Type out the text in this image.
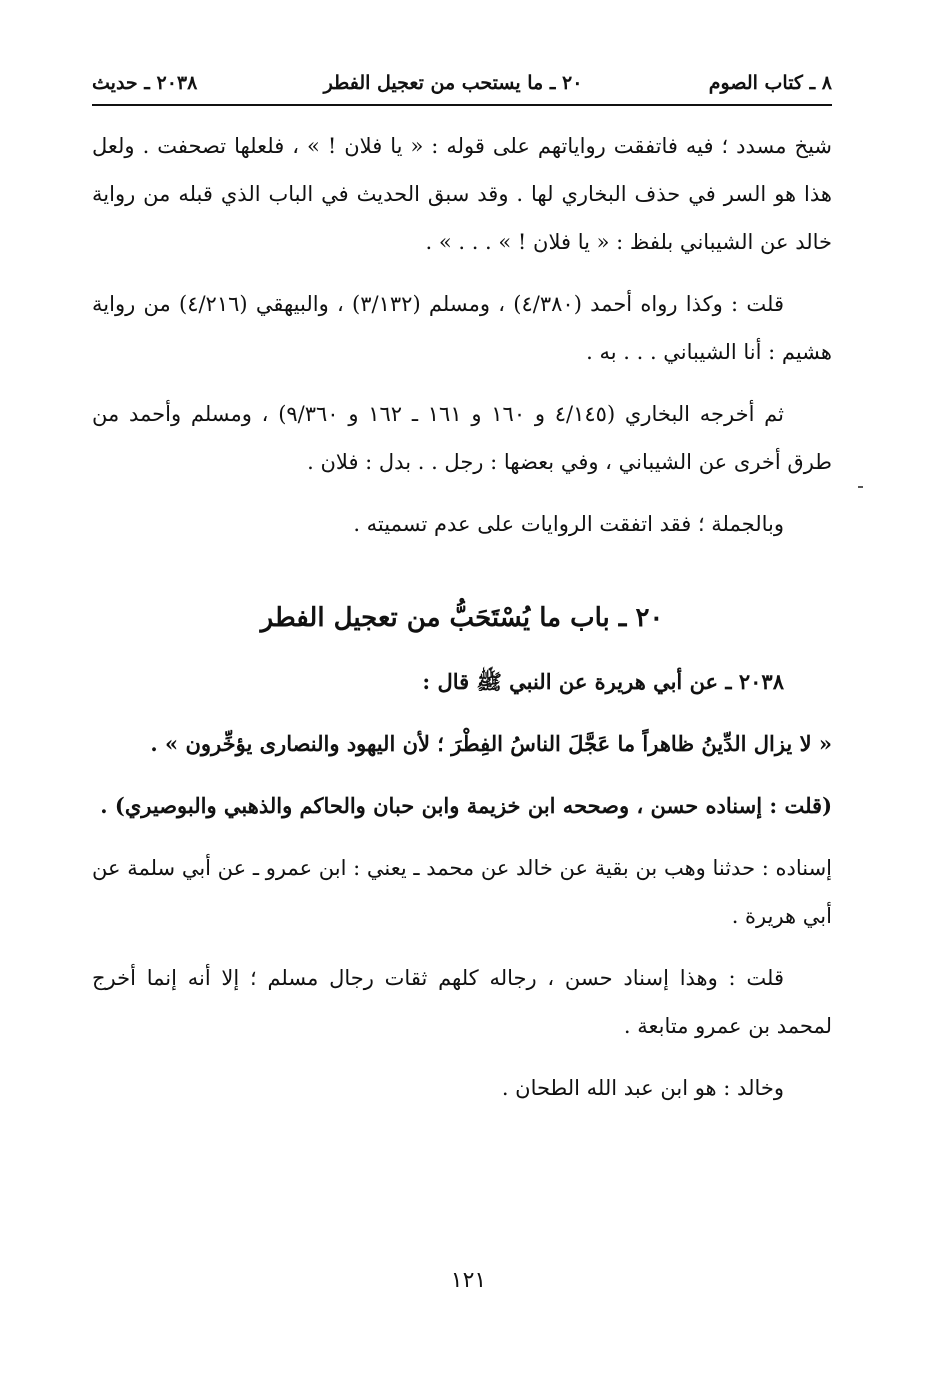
٨ ـ كتاب الصوم
٢٠ ـ ما يستحب من تعجيل الفطر
٢٠٣٨ ـ حديث

شيخ مسدد ؛ فيه فاتفقت رواياتهم على قوله : « يا فلان ! » ، فلعلها تصحفت . ولعل هذا هو السر في حذف البخاري لها . وقد سبق الحديث في الباب الذي قبله من رواية خالد عن الشيباني بلفظ : « يا فلان ! » . . . » .

قلت : وكذا رواه أحمد (٤/٣٨٠) ، ومسلم (٣/١٣٢) ، والبيهقي (٤/٢١٦) من رواية هشيم : أنا الشيباني . . . به .

ثم أخرجه البخاري (٤/١٤٥ و ١٦٠ و ١٦١ ـ ١٦٢ و ٩/٣٦٠) ، ومسلم وأحمد من طرق أخرى عن الشيباني ، وفي بعضها : رجل . . بدل : فلان .

وبالجملة ؛ فقد اتفقت الروايات على عدم تسميته .

٢٠ ـ باب ما يُسْتَحَبُّ من تعجيل الفطر

٢٠٣٨ ـ عن أبي هريرة عن النبي ﷺ قال :

« لا يزال الدِّينُ ظاهراً ما عَجَّلَ الناسُ الفِطْرَ ؛ لأن اليهود والنصارى يؤخِّرون » .

(قلت : إسناده حسن ، وصححه ابن خزيمة وابن حبان والحاكم والذهبي والبوصيري) .

إسناده : حدثنا وهب بن بقية عن خالد عن محمد ـ يعني : ابن عمرو ـ عن أبي سلمة عن أبي هريرة .

قلت : وهذا إسناد حسن ، رجاله كلهم ثقات رجال مسلم ؛ إلا أنه إنما أخرج لمحمد بن عمرو متابعة .

وخالد : هو ابن عبد الله الطحان .

١٢١
